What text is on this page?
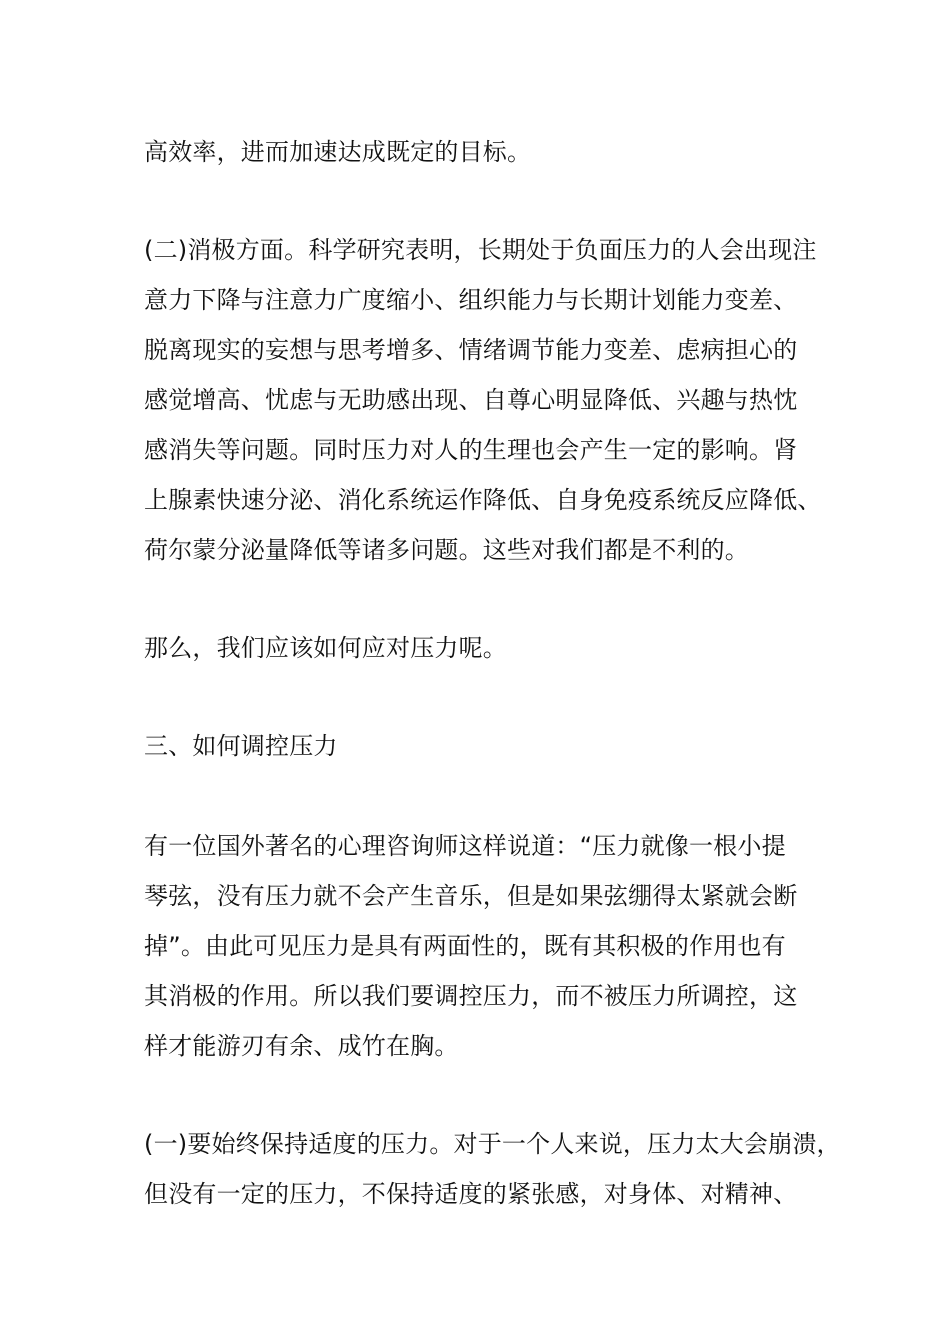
高效率，进而加速达成既定的目标。
(二)消极方面。科学研究表明，长期处于负面压力的人会出现注
意力下降与注意力广度缩小、组织能力与长期计划能力变差、
脱离现实的妄想与思考增多、情绪调节能力变差、虑病担心的
感觉增高、忧虑与无助感出现、自尊心明显降低、兴趣与热忱
感消失等问题。同时压力对人的生理也会产生一定的影响。肾
上腺素快速分泌、消化系统运作降低、自身免疫系统反应降低、
荷尔蒙分泌量降低等诸多问题。这些对我们都是不利的。
那么，我们应该如何应对压力呢。
三、如何调控压力
有一位国外著名的心理咨询师这样说道：“压力就像一根小提
琴弦，没有压力就不会产生音乐，但是如果弦绷得太紧就会断
掉”。由此可见压力是具有两面性的，既有其积极的作用也有
其消极的作用。所以我们要调控压力，而不被压力所调控，这
样才能游刃有余、成竹在胸。
(一)要始终保持适度的压力。对于一个人来说，压力太大会崩溃，
但没有一定的压力，不保持适度的紧张感，对身体、对精神、
